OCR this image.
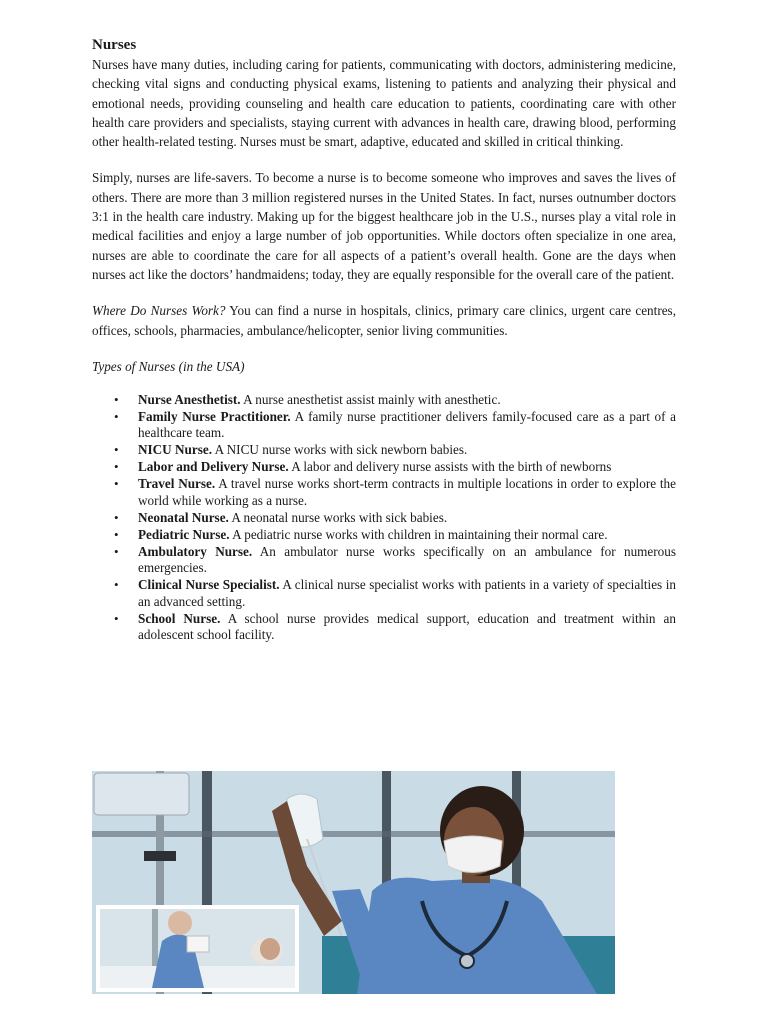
Nurses

Nurses have many duties, including caring for patients, communicating with doctors, administering medicine, checking vital signs and conducting physical exams, listening to patients and analyzing their physical and emotional needs, providing counseling and health care education to patients, coordinating care with other health care providers and specialists, staying current with advances in health care, drawing blood, performing other health-related testing. Nurses must be smart, adaptive, educated and skilled in critical thinking.

Simply, nurses are life-savers. To become a nurse is to become someone who improves and saves the lives of others. There are more than 3 million registered nurses in the United States. In fact, nurses outnumber doctors 3:1 in the health care industry. Making up for the biggest healthcare job in the U.S., nurses play a vital role in medical facilities and enjoy a large number of job opportunities. While doctors often specialize in one area, nurses are able to coordinate the care for all aspects of a patient’s overall health. Gone are the days when nurses act like the doctors’ handmaidens; today, they are equally responsible for the overall care of the patient.

Where Do Nurses Work? You can find a nurse in hospitals, clinics, primary care clinics, urgent care centres, offices, schools, pharmacies, ambulance/helicopter, senior living communities.

Types of Nurses (in the USA)

• Nurse Anesthetist. A nurse anesthetist assist mainly with anesthetic.
• Family Nurse Practitioner. A family nurse practitioner delivers family-focused care as a part of a healthcare team.
• NICU Nurse. A NICU nurse works with sick newborn babies.
• Labor and Delivery Nurse. A labor and delivery nurse assists with the birth of newborns
• Travel Nurse. A travel nurse works short-term contracts in multiple locations in order to explore the world while working as a nurse.
• Neonatal Nurse. A neonatal nurse works with sick babies.
• Pediatric Nurse. A pediatric nurse works with children in maintaining their normal care.
• Ambulatory Nurse. An ambulator nurse works specifically on an ambulance for numerous emergencies.
• Clinical Nurse Specialist. A clinical nurse specialist works with patients in a variety of specialties in an advanced setting.
• School Nurse. A school nurse provides medical support, education and treatment within an adolescent school facility.
